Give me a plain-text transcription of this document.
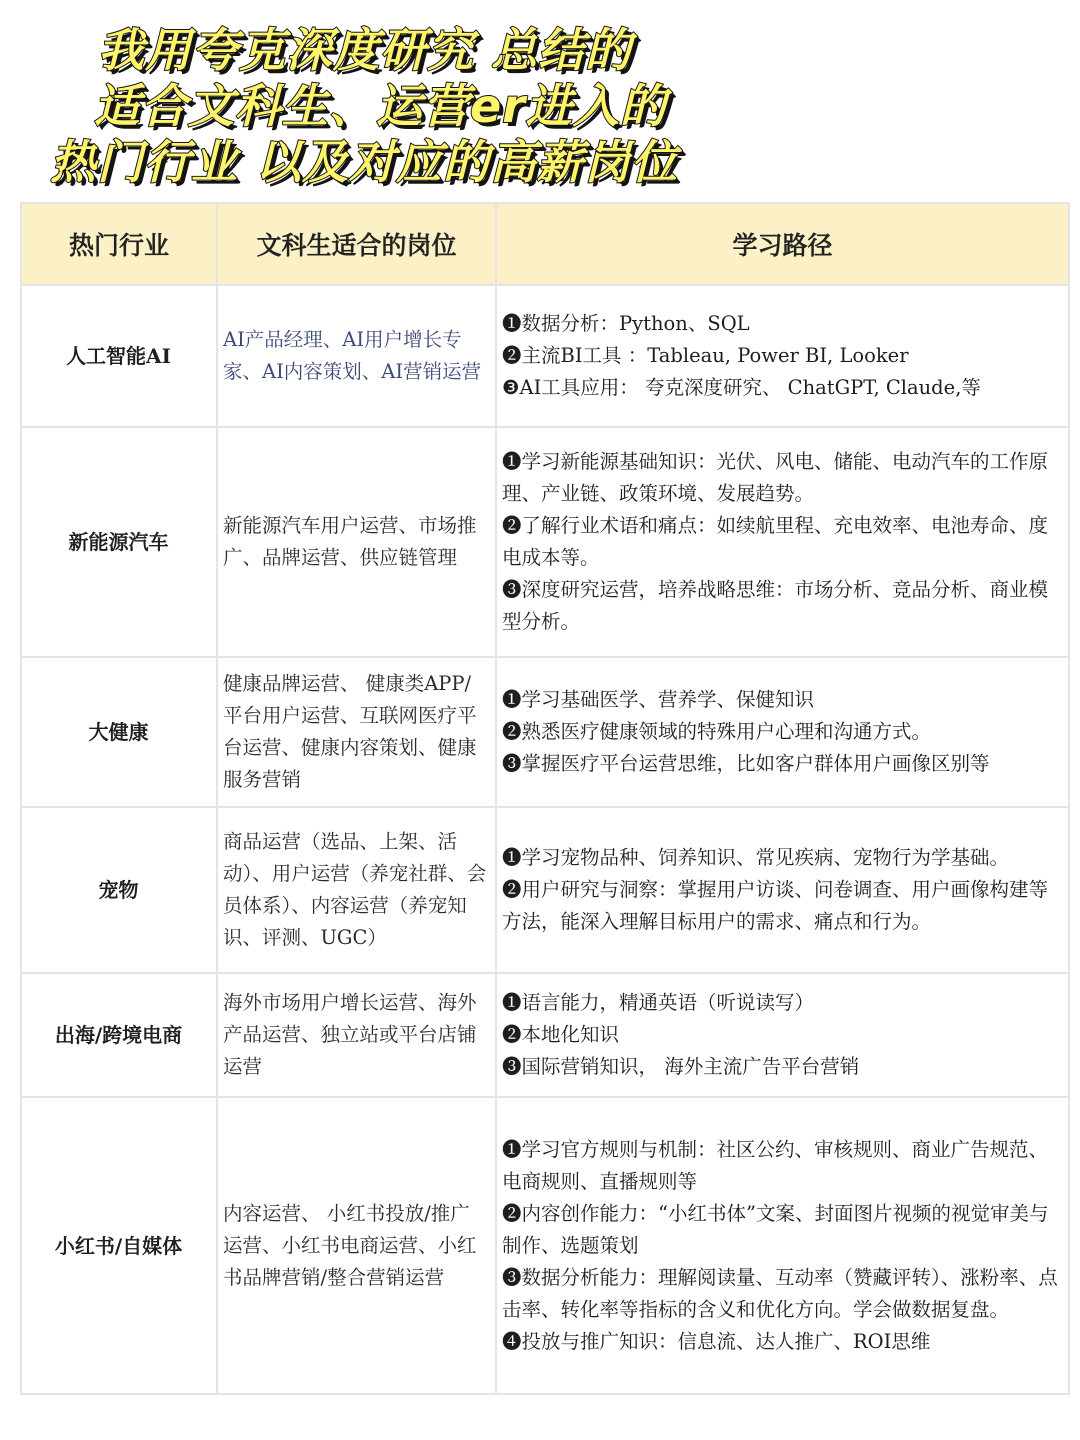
我用夸克深度研究 总结的
适合文科生、运营er进入的
热门行业 以及对应的高薪岗位
热门行业	文科生适合的岗位	学习路径
人工智能AI	AI产品经理、AI用户增长专家、AI内容策划、AI营销运营	❶数据分析：Python、SQL
❷主流BI工具 ：Tableau, Power BI, Looker
❸AI工具应用： 夸克深度研究、 ChatGPT, Claude,等

新能源汽车	新能源汽车用户运营、市场推广、品牌运营、供应链管理	❶学习新能源基础知识：光伏、风电、储能、电动汽车的工作原理、产业链、政策环境、发展趋势。
❷了解行业术语和痛点：如续航里程、充电效率、电池寿命、度电成本等。
❸深度研究运营，培养战略思维：市场分析、竞品分析、商业模型分析。

大健康	健康品牌运营、 健康类APP/平台用户运营、互联网医疗平台运营、健康内容策划、健康服务营销	❶学习基础医学、营养学、保健知识
❷熟悉医疗健康领域的特殊用户心理和沟通方式。
❸掌握医疗平台运营思维，比如客户群体用户画像区别等

宠物	商品运营（选品、上架、活动）、用户运营（养宠社群、会员体系）、内容运营（养宠知识、评测、UGC）	❶学习宠物品种、饲养知识、常见疾病、宠物行为学基础。
❷用户研究与洞察：掌握用户访谈、问卷调查、用户画像构建等方法，能深入理解目标用户的需求、痛点和行为。

出海/跨境电商	海外市场用户增长运营、海外产品运营、独立站或平台店铺运营	❶语言能力，精通英语（听说读写）
❷本地化知识
❸国际营销知识， 海外主流广告平台营销

小红书/自媒体	内容运营、 小红书投放/推广运营、小红书电商运营、小红书品牌营销/整合营销运营	❶学习官方规则与机制：社区公约、审核规则、商业广告规范、电商规则、直播规则等
❷内容创作能力：“小红书体”文案、封面图片视频的视觉审美与制作、选题策划
❸数据分析能力：理解阅读量、互动率（赞藏评转）、涨粉率、点击率、转化率等指标的含义和优化方向。学会做数据复盘。
❹投放与推广知识：信息流、达人推广、ROI思维
